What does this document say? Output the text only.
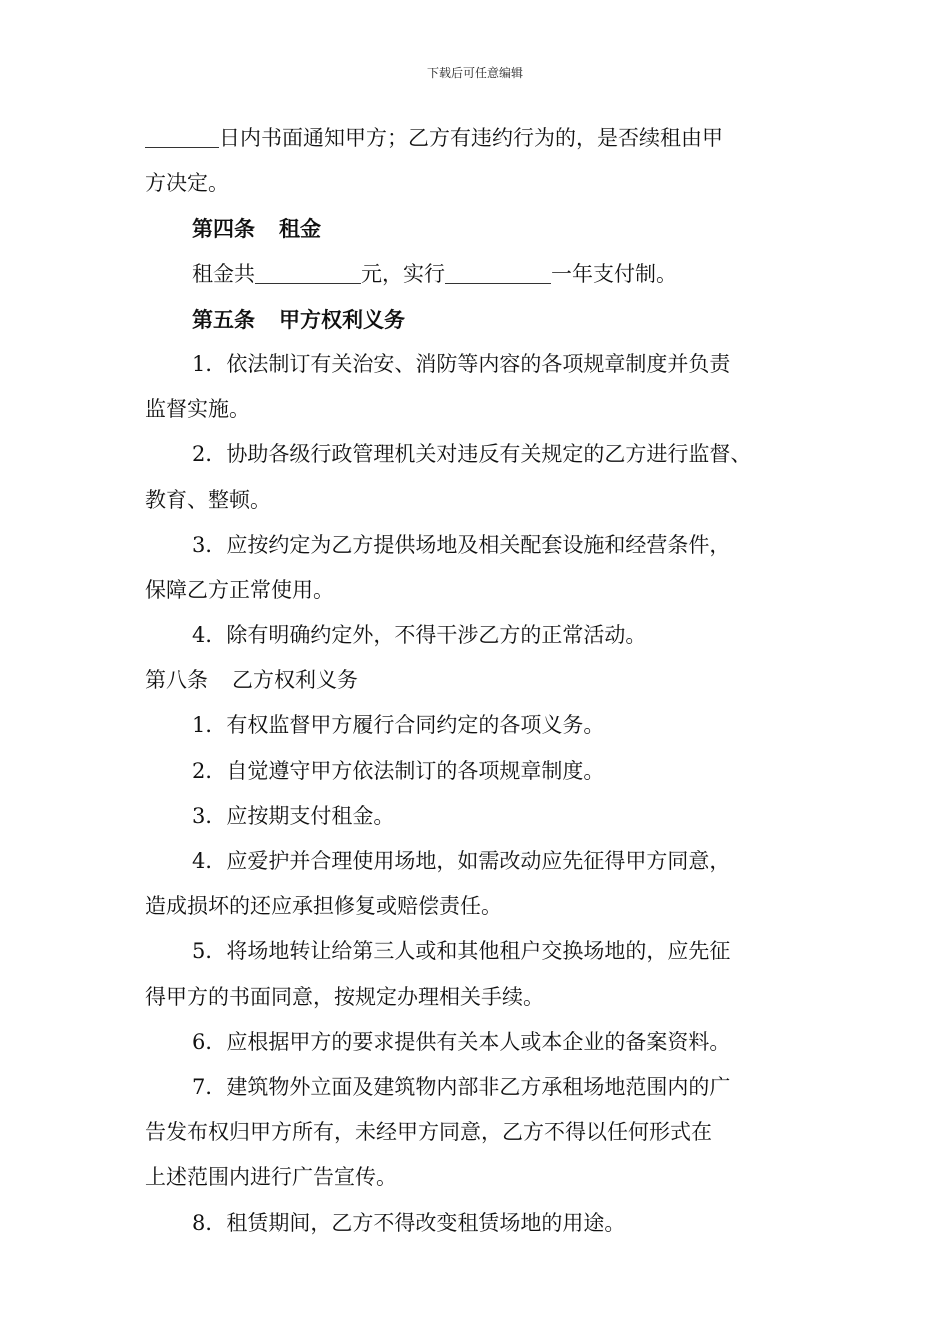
下载后可任意编辑
日内书面通知甲方；乙方有违约行为的，是否续租由甲
方决定。
第四条 租金
租金共	元，实行	一年支付制。
第五条 甲方权利义务
1．依法制订有关治安、消防等内容的各项规章制度并负责
监督实施。
2．协助各级行政管理机关对违反有关规定的乙方进行监督、
教育、整顿。
3．应按约定为乙方提供场地及相关配套设施和经营条件，
保障乙方正常使用。
4．除有明确约定外，不得干涉乙方的正常活动。
第八条 乙方权利义务
1．有权监督甲方履行合同约定的各项义务。
2．自觉遵守甲方依法制订的各项规章制度。
3．应按期支付租金。
4．应爱护并合理使用场地，如需改动应先征得甲方同意，
造成损坏的还应承担修复或赔偿责任。
5．将场地转让给第三人或和其他租户交换场地的，应先征
得甲方的书面同意，按规定办理相关手续。
6．应根据甲方的要求提供有关本人或本企业的备案资料。
7．建筑物外立面及建筑物内部非乙方承租场地范围内的广
告发布权归甲方所有，未经甲方同意，乙方不得以任何形式在
上述范围内进行广告宣传。
8．租赁期间，乙方不得改变租赁场地的用途。
